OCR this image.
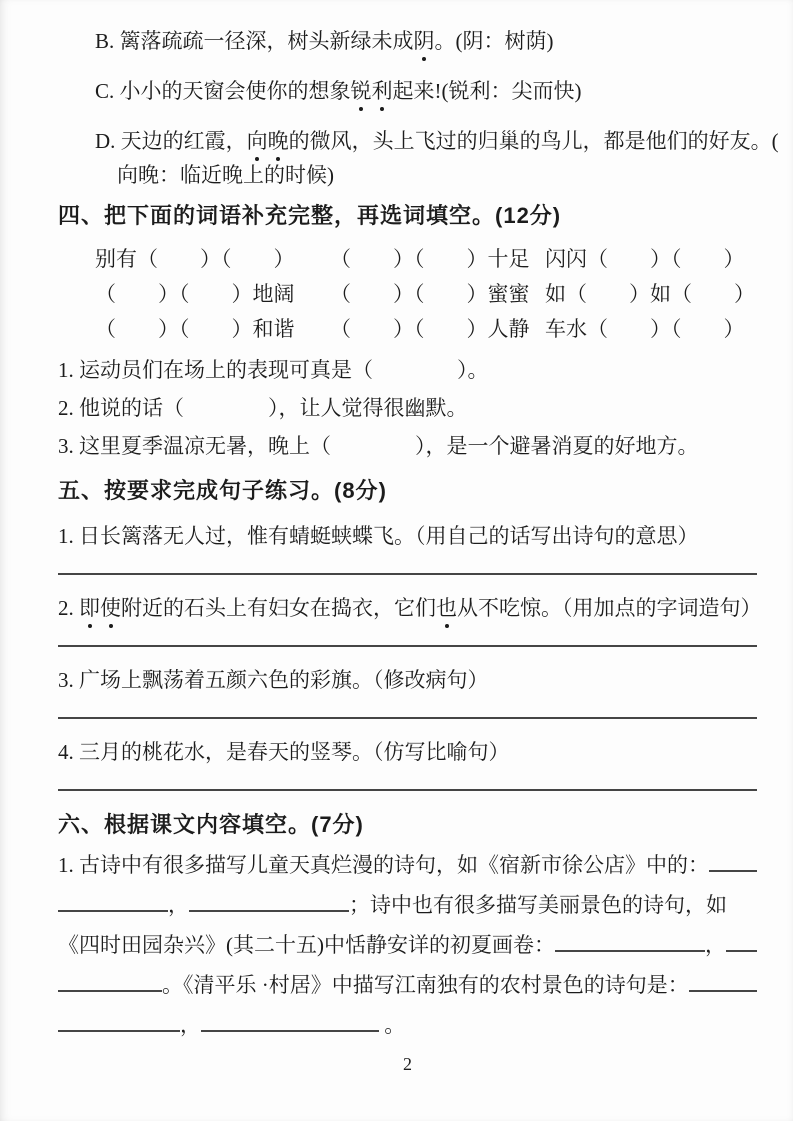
B. 篱落疏疏一径深，树头新绿未成阴。(阴：树荫)
C. 小小的天窗会使你的想象锐利起来!(锐利：尖而快)
D. 天边的红霞，向晚的微风，头上飞过的归巢的鸟儿，都是他们的好友。(
向晚：临近晚上的时候)
四、把下面的词语补充完整，再选词填空。(12分)
别有（　　）（　　）	（　　）（　　）十足 闪闪（　　）（　　）
（　　）（　　）地阔	（　　）（　　）蜜蜜 如（　　）如（　　）
（　　）（　　）和谐	（　　）（　　）人静 车水（　　）（　　）
1. 运动员们在场上的表现可真是（　　　　）。
2. 他说的话（　　　　），让人觉得很幽默。
3. 这里夏季温凉无暑，晚上（　　　　），是一个避暑消夏的好地方。
五、按要求完成句子练习。(8分)
1. 日长篱落无人过，惟有蜻蜓蛱蝶飞。（用自己的话写出诗句的意思）
2. 即使附近的石头上有妇女在捣衣，它们也从不吃惊。（用加点的字词造句）
3. 广场上飘荡着五颜六色的彩旗。（修改病句）
4. 三月的桃花水，是春天的竖琴。（仿写比喻句）
六、根据课文内容填空。(7分)
1. 古诗中有很多描写儿童天真烂漫的诗句，如《宿新市徐公店》中的：
，	；诗中也有很多描写美丽景色的诗句，如
《四时田园杂兴》(其二十五)中恬静安详的初夏画卷：	，
。《清平乐 ·村居》中描写江南独有的农村景色的诗句是：
，	。
2
